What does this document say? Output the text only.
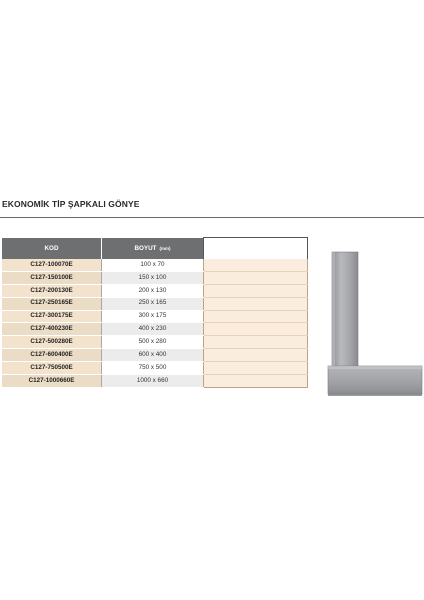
EKONOMİK TİP ŞAPKALI GÖNYE
KOD	BOYUT (mm)	FİYAT USD
C127-100070E	100 x 70	
C127-150100E	150 x 100	
C127-200130E	200 x 130	
C127-250165E	250 x 165	
C127-300175E	300 x 175	
C127-400230E	400 x 230	
C127-500280E	500 x 280	
C127-600400E	600 x 400	
C127-750500E	750 x 500	
C127-1000660E	1000 x 660	
